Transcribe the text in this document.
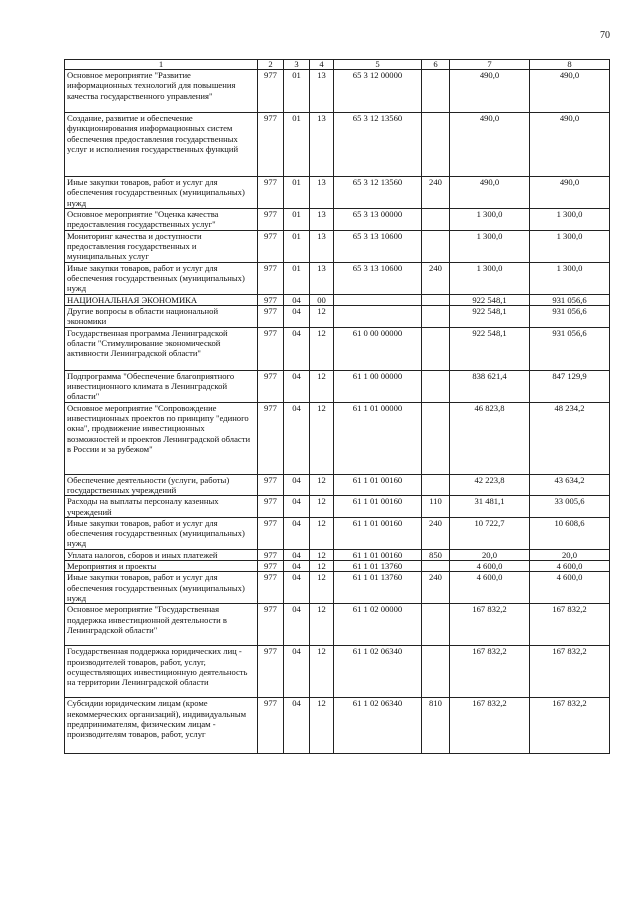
70
1	2	3	4	5	6	7	8
Основное мероприятие "Развитие информационных технологий для повышения качества государственного управления"	977	01	13	65 3 12 00000		490,0	490,0
Создание, развитие и обеспечение функционирования информационных систем обеспечения предоставления государственных услуг и исполнения государственных функций	977	01	13	65 3 12 13560		490,0	490,0
Иные закупки товаров, работ и услуг для обеспечения государственных (муниципальных) нужд	977	01	13	65 3 12 13560	240	490,0	490,0
Основное мероприятие "Оценка качества предоставления государственных услуг"	977	01	13	65 3 13 00000		1 300,0	1 300,0
Мониторинг качества и доступности предоставления государственных и муниципальных услуг	977	01	13	65 3 13 10600		1 300,0	1 300,0
Иные закупки товаров, работ и услуг для обеспечения государственных (муниципальных) нужд	977	01	13	65 3 13 10600	240	1 300,0	1 300,0
НАЦИОНАЛЬНАЯ ЭКОНОМИКА	977	04	00			922 548,1	931 056,6
Другие вопросы в области национальной экономики	977	04	12			922 548,1	931 056,6
Государственная программа Ленинградской области "Стимулирование экономической активности Ленинградской области"	977	04	12	61 0 00 00000		922 548,1	931 056,6
Подпрограмма "Обеспечение благоприятного инвестиционного климата в Ленинградской области"	977	04	12	61 1 00 00000		838 621,4	847 129,9
Основное мероприятие "Сопровождение инвестиционных проектов по принципу "единого окна", продвижение инвестиционных возможностей и проектов Ленинградской области в России и за рубежом"	977	04	12	61 1 01 00000		46 823,8	48 234,2
Обеспечение деятельности (услуги, работы) государственных учреждений	977	04	12	61 1 01 00160		42 223,8	43 634,2
Расходы на выплаты персоналу казенных учреждений	977	04	12	61 1 01 00160	110	31 481,1	33 005,6
Иные закупки товаров, работ и услуг для обеспечения государственных (муниципальных) нужд	977	04	12	61 1 01 00160	240	10 722,7	10 608,6
Уплата налогов, сборов и иных платежей	977	04	12	61 1 01 00160	850	20,0	20,0
Мероприятия и проекты	977	04	12	61 1 01 13760		4 600,0	4 600,0
Иные закупки товаров, работ и услуг для обеспечения государственных (муниципальных) нужд	977	04	12	61 1 01 13760	240	4 600,0	4 600,0
Основное мероприятие "Государственная поддержка инвестиционной деятельности в Ленинградской области"	977	04	12	61 1 02 00000		167 832,2	167 832,2
Государственная поддержка юридических лиц - производителей товаров, работ, услуг, осуществляющих инвестиционную деятельность на территории Ленинградской области	977	04	12	61 1 02 06340		167 832,2	167 832,2
Субсидии юридическим лицам (кроме некоммерческих организаций), индивидуальным предпринимателям, физическим лицам - производителям товаров, работ, услуг	977	04	12	61 1 02 06340	810	167 832,2	167 832,2
